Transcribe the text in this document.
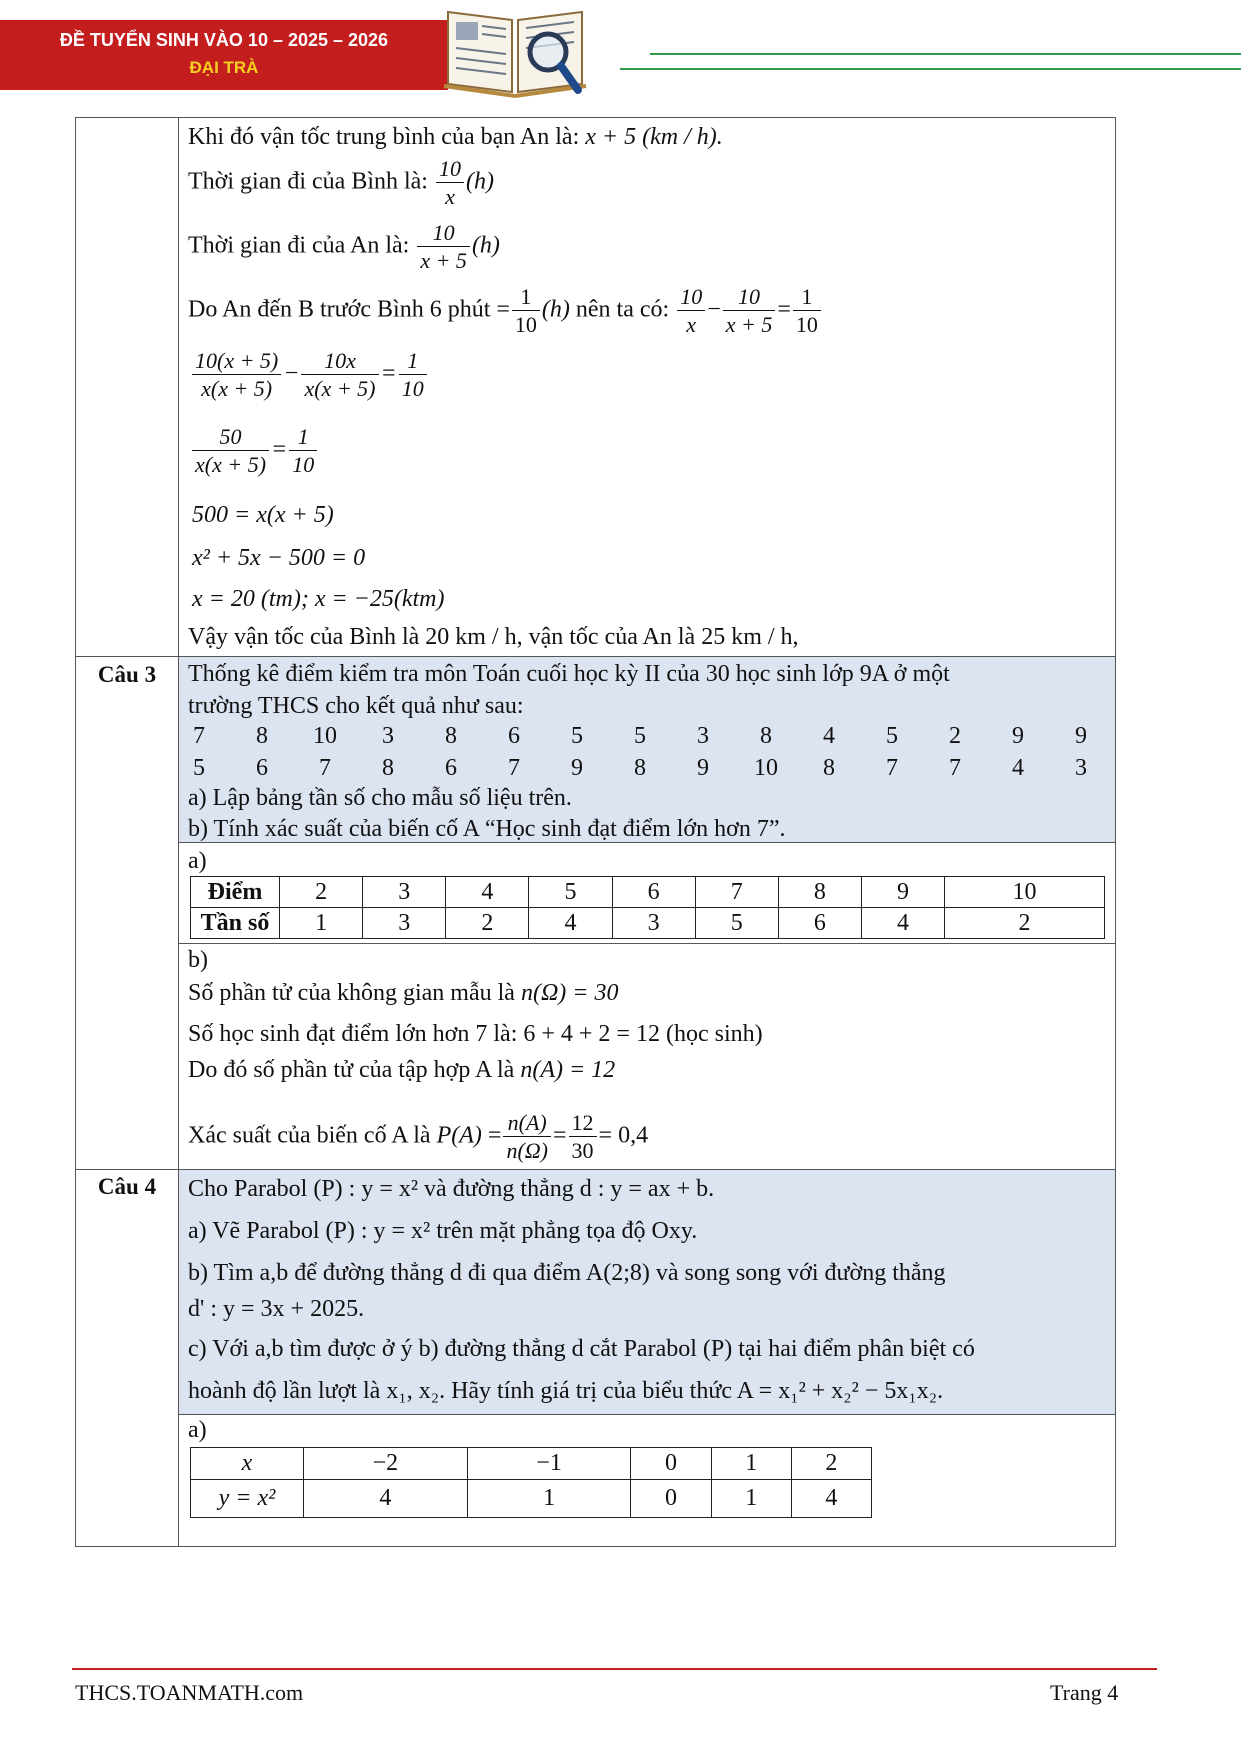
ĐỀ TUYỂN SINH VÀO 10 – 2025 – 2026
ĐẠI TRÀ
Câu 3
Câu 4
Khi đó vận tốc trung bình của bạn An là: x + 5 (km / h).
Thời gian đi của Bình là: $\frac{10}{x} (h)$
Thời gian đi của An là: $\frac{10}{x + 5} (h)$
Do An đến B trước Bình 6 phút = $\frac{1}{10} (h)$ nên ta có: $\frac{10}{x} - \frac{10}{x + 5} = \frac{1}{10}$
$\frac{10(x + 5)}{x(x + 5)} - \frac{10x}{x(x + 5)} = \frac{1}{10}$
$\frac{50}{x(x + 5)} = \frac{1}{10}$
500 = x(x + 5)
x² + 5x − 500 = 0
x = 20 (tm); x = −25(ktm)
Vậy vận tốc của Bình là 20 km / h, vận tốc của An là 25 km / h,
Thống kê điểm kiểm tra môn Toán cuối học kỳ II của 30 học sinh lớp 9A ở một
trường THCS cho kết quả như sau:
7	8	10	3	8	6	5	5	3	8	4	5	2	9	9
5	6	7	8	6	7	9	8	9	10	8	7	7	4	3
a) Lập bảng tần số cho mẫu số liệu trên.
b) Tính xác suất của biến cố A “Học sinh đạt điểm lớn hơn 7”.
a)
Điểm	2	3	4	5	6	7	8	9	10
Tần số	1	3	2	4	3	5	6	4	2
b)
Số phần tử của không gian mẫu là n(Ω) = 30
Số học sinh đạt điểm lớn hơn 7 là: 6 + 4 + 2 = 12 (học sinh)
Do đó số phần tử của tập hợp A là n(A) = 12
Xác suất của biến cố A là $P(A) = \frac{n(A)}{n(\Omega)} = \frac{12}{30} = 0,4$
Cho Parabol (P) : y = x² và đường thẳng d : y = ax + b.
a) Vẽ Parabol (P) : y = x² trên mặt phẳng tọa độ Oxy.
b) Tìm a,b để đường thẳng d đi qua điểm A(2;8) và song song với đường thẳng
d' : y = 3x + 2025.
c) Với a,b tìm được ở ý b) đường thẳng d cắt Parabol (P) tại hai điểm phân biệt có
hoành độ lần lượt là x₁, x₂. Hãy tính giá trị của biểu thức A = x₁² + x₂² − 5x₁x₂.
a)
x	−2	−1	0	1	2
y = x²	4	1	0	1	4
THCS.TOANMATH.com	Trang 4
